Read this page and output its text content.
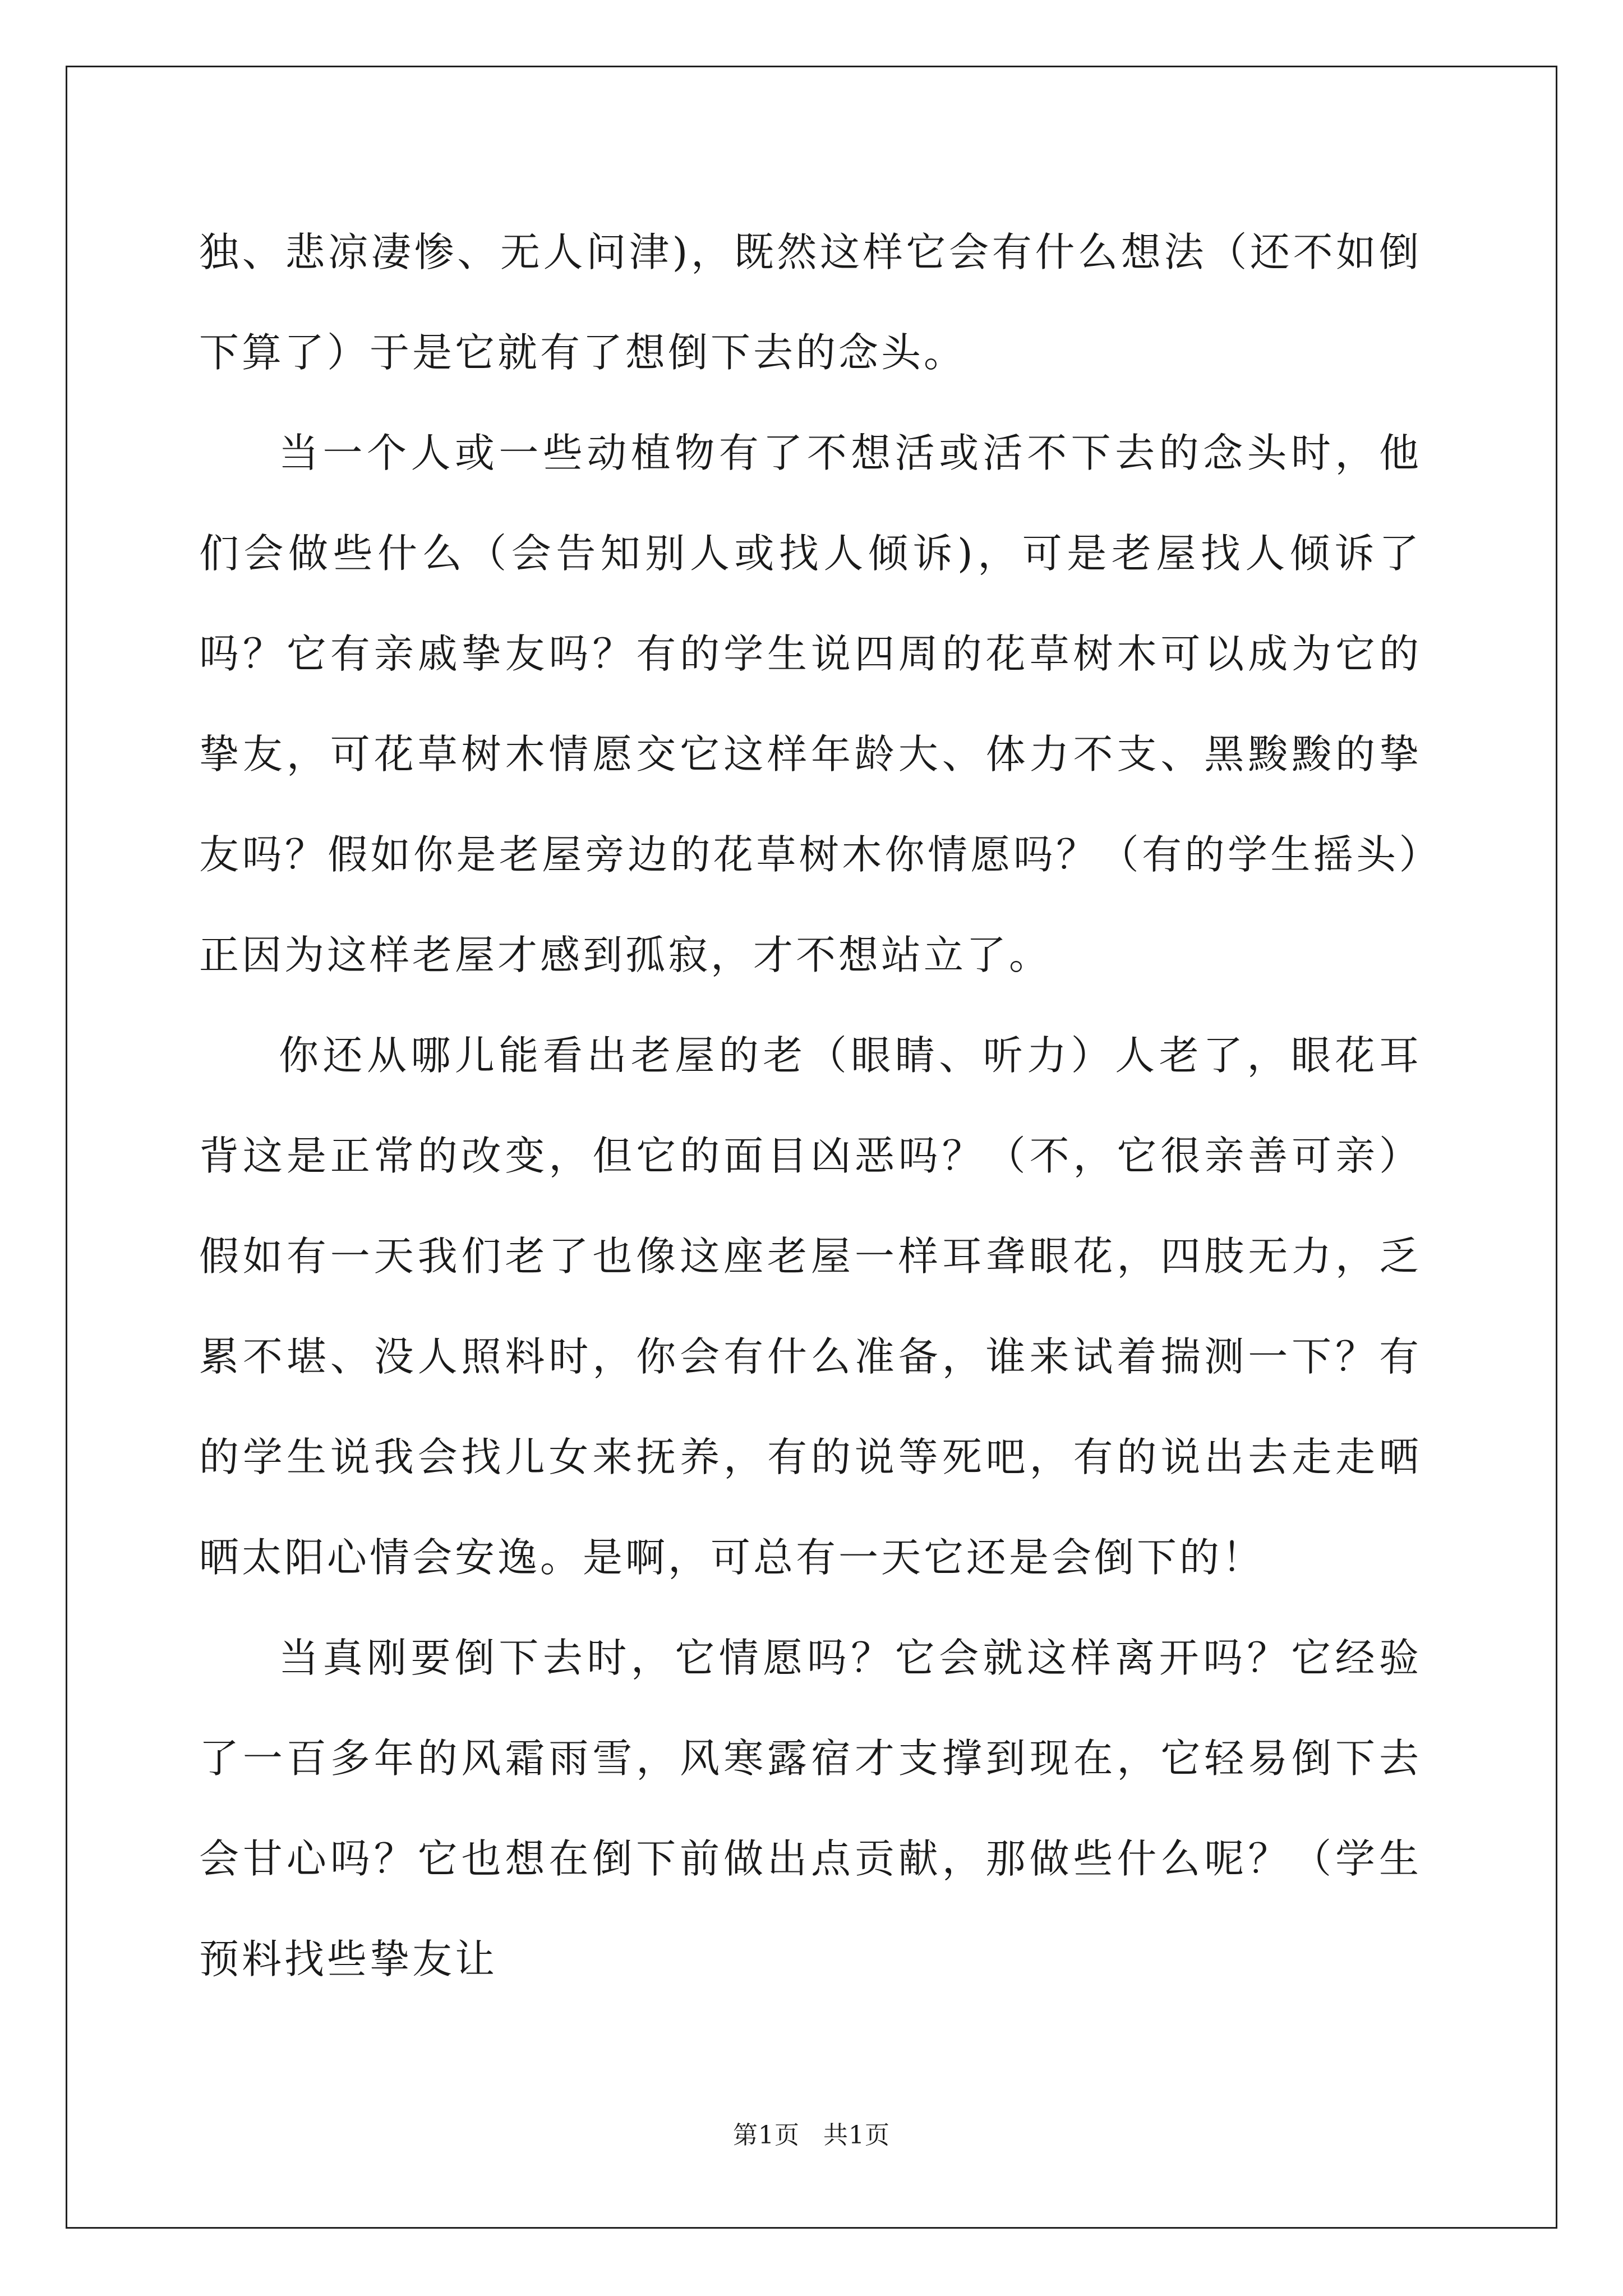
独、悲凉凄惨、无人问津)，既然这样它会有什么想法（还不如倒下算了）于是它就有了想倒下去的念头。

当一个人或一些动植物有了不想活或活不下去的念头时，他们会做些什么（会告知别人或找人倾诉)，可是老屋找人倾诉了吗？它有亲戚挚友吗？有的学生说四周的花草树木可以成为它的挚友，可花草树木情愿交它这样年龄大、体力不支、黑黢黢的挚友吗？假如你是老屋旁边的花草树木你情愿吗？（有的学生摇头）正因为这样老屋才感到孤寂，才不想站立了。

你还从哪儿能看出老屋的老（眼睛、听力）人老了，眼花耳背这是正常的改变，但它的面目凶恶吗？（不，它很亲善可亲）假如有一天我们老了也像这座老屋一样耳聋眼花，四肢无力，乏累不堪、没人照料时，你会有什么准备，谁来试着揣测一下？有的学生说我会找儿女来抚养，有的说等死吧，有的说出去走走晒晒太阳心情会安逸。是啊，可总有一天它还是会倒下的！

当真刚要倒下去时，它情愿吗？它会就这样离开吗？它经验了一百多年的风霜雨雪，风寒露宿才支撑到现在，它轻易倒下去会甘心吗？它也想在倒下前做出点贡献，那做些什么呢？（学生预料找些挚友让

第1页 共1页
